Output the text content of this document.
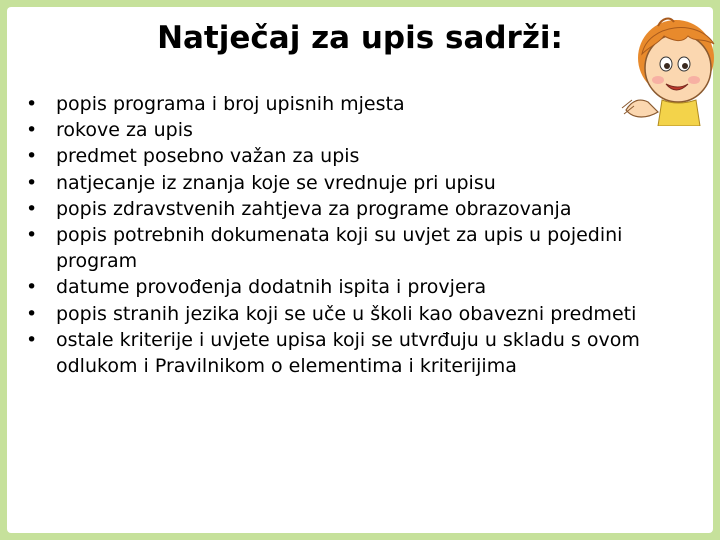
Natječaj za upis sadrži:
• popis programa i broj upisnih mjesta
• rokove za upis
• predmet posebno važan za upis
• natjecanje iz znanja koje se vrednuje pri upisu
• popis zdravstvenih zahtjeva za programe obrazovanja
• popis potrebnih dokumenata koji su uvjet za upis u pojedini program
• datume provođenja dodatnih ispita i provjera
• popis stranih jezika koji se uče u školi kao obavezni predmeti
• ostale kriterije i uvjete upisa koji se utvrđuju u skladu s ovom odlukom i Pravilnikom o elementima i kriterijima
